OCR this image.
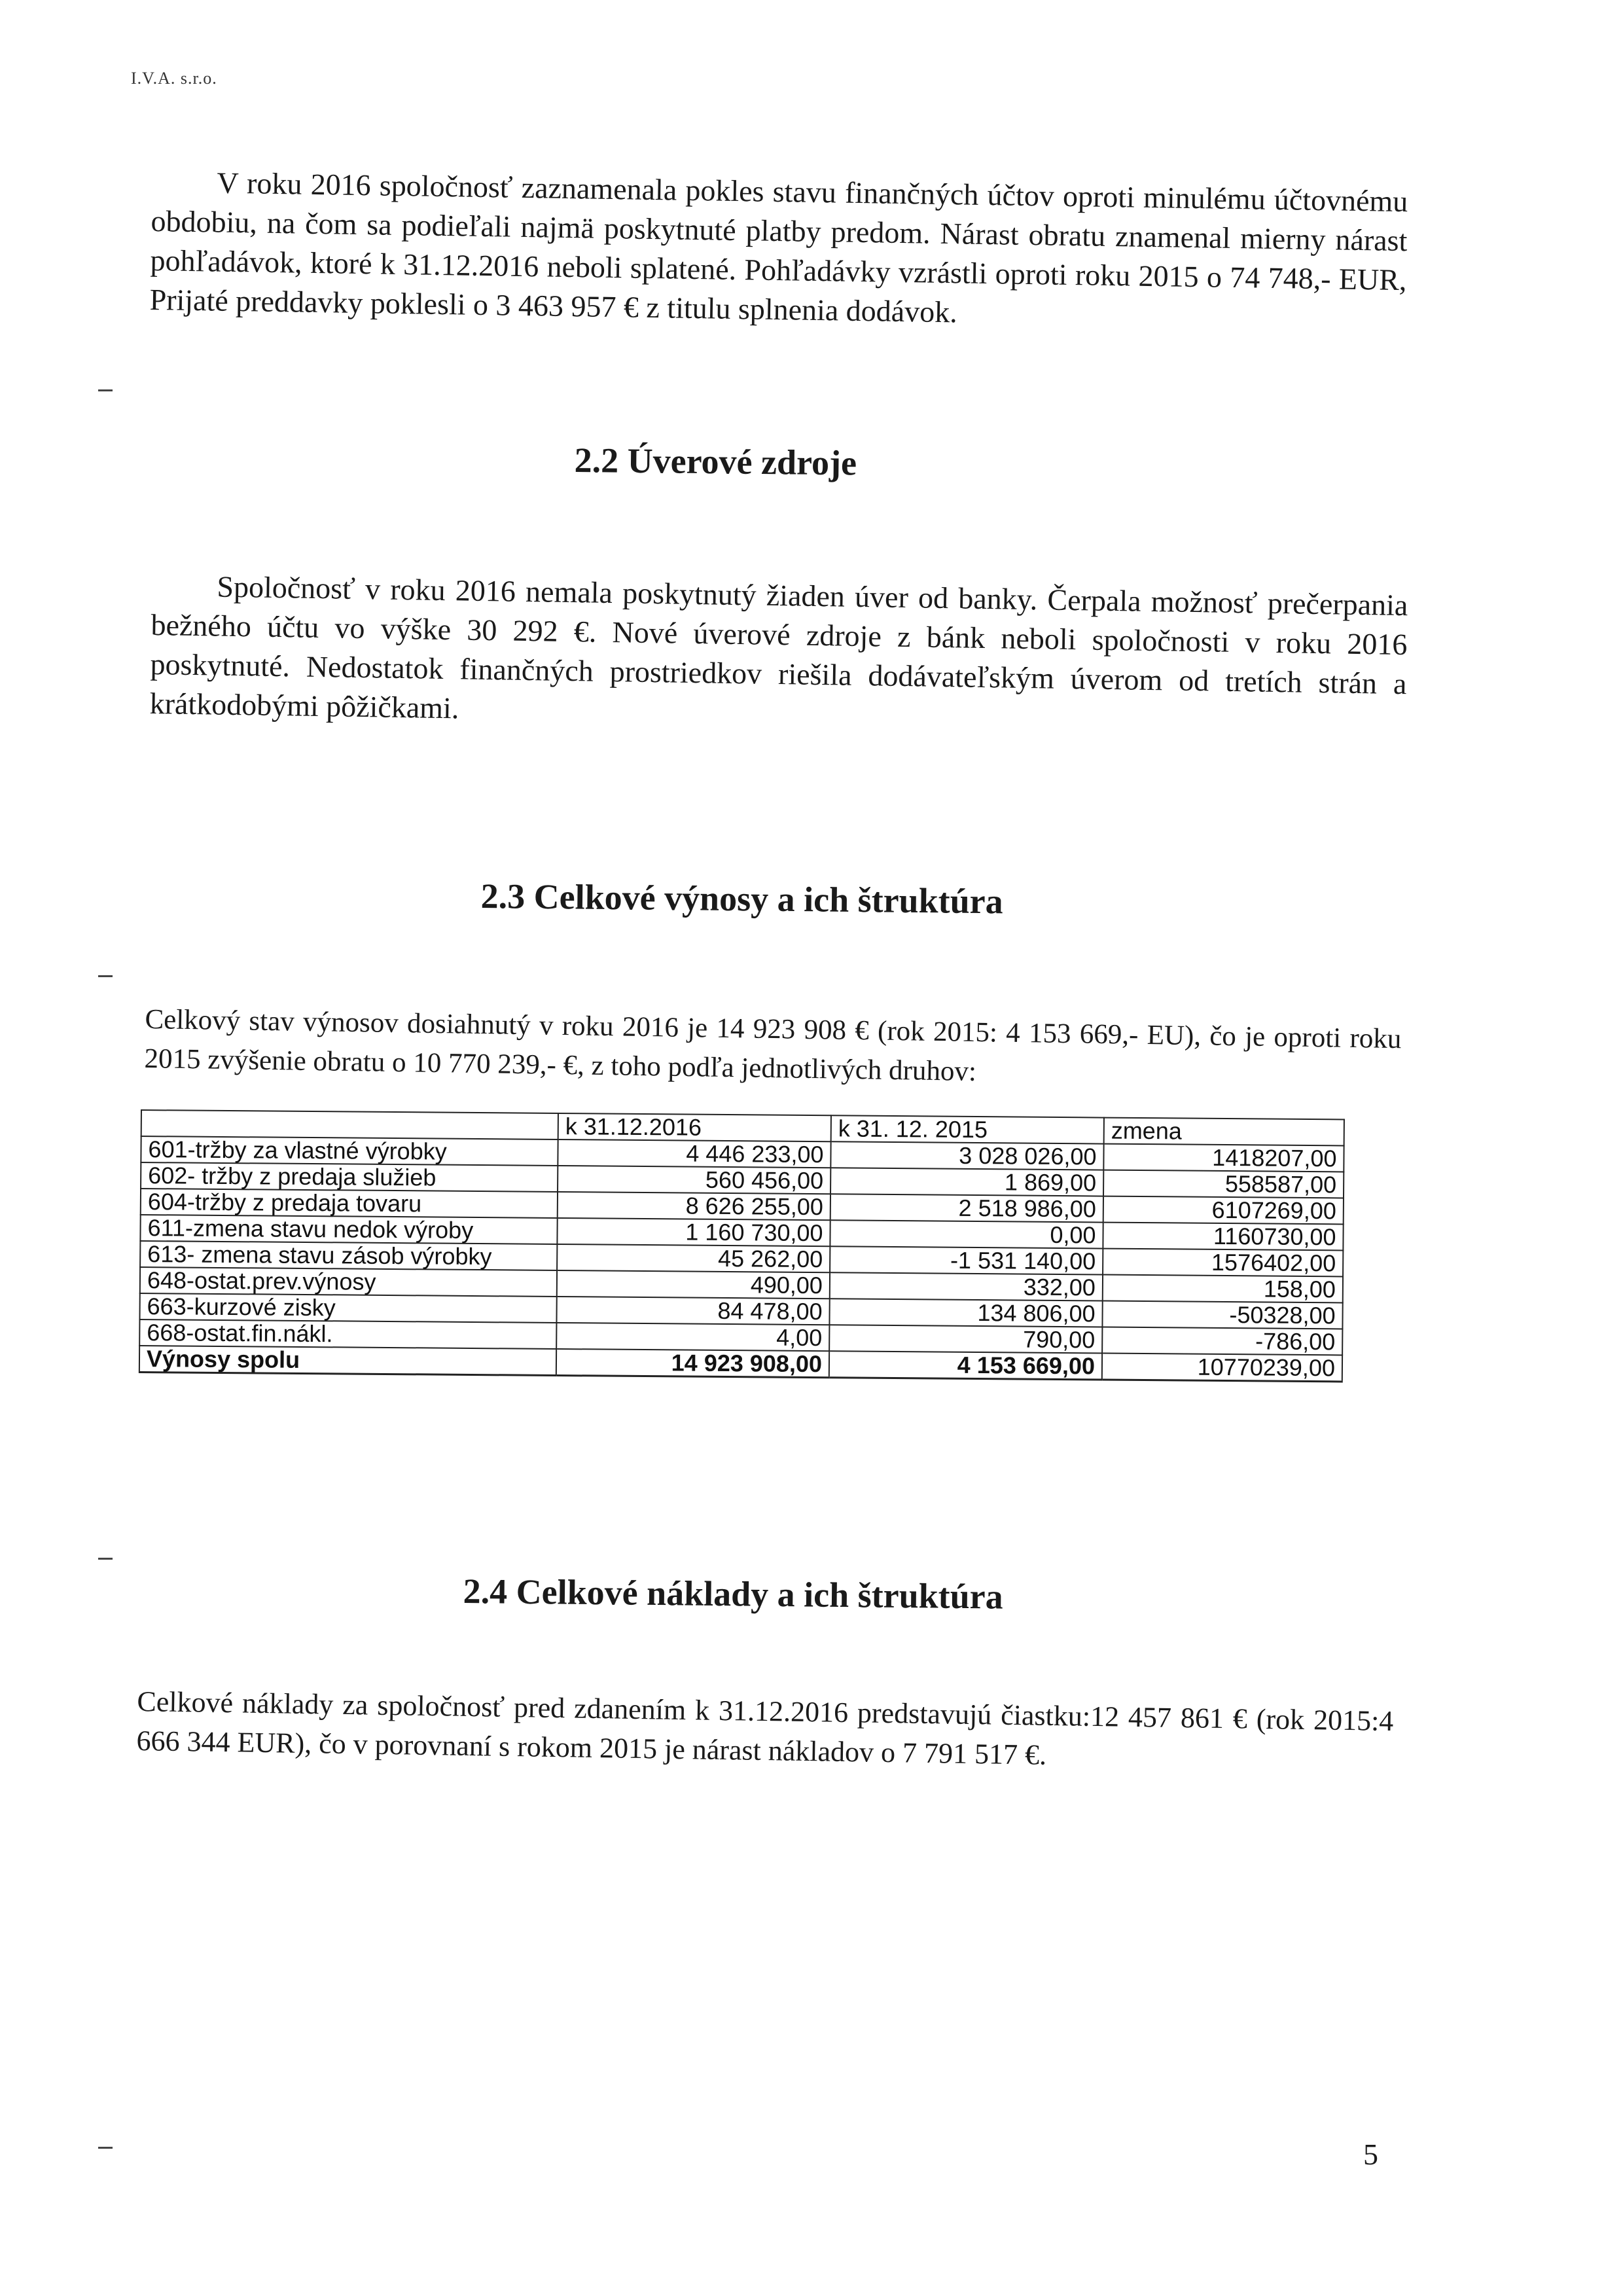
I.V.A. s.r.o.
V roku 2016 spoločnosť zaznamenala pokles stavu finančných účtov oproti minulému účtovnému obdobiu, na čom sa podieľali najmä poskytnuté platby predom. Nárast obratu znamenal mierny nárast pohľadávok, ktoré k 31.12.2016 neboli splatené. Pohľadávky vzrástli oproti roku 2015 o 74 748,- EUR, Prijaté preddavky poklesli o 3 463 957 € z titulu splnenia dodávok.
2.2 Úverové zdroje
Spoločnosť v roku 2016 nemala poskytnutý žiaden úver od banky. Čerpala možnosť prečerpania bežného účtu vo výške 30 292 €. Nové úverové zdroje z bánk neboli spoločnosti v roku 2016 poskytnuté. Nedostatok finančných prostriedkov riešila dodávateľským úverom od tretích strán a krátkodobými pôžičkami.
2.3 Celkové výnosy a ich štruktúra
Celkový stav výnosov dosiahnutý v roku 2016 je 14 923 908 € (rok 2015: 4 153 669,- EU), čo je oproti roku 2015 zvýšenie obratu o 10 770 239,- €, z toho podľa jednotlivých druhov:
	k 31.12.2016	k 31. 12. 2015	zmena
601-tržby za vlastné výrobky	4 446 233,00	3 028 026,00	1418207,00
602- tržby z predaja služieb	560 456,00	1 869,00	558587,00
604-tržby z predaja tovaru	8 626 255,00	2 518 986,00	6107269,00
611-zmena stavu nedok výroby	1 160 730,00	0,00	1160730,00
613- zmena stavu zásob výrobky	45 262,00	-1 531 140,00	1576402,00
648-ostat.prev.výnosy	490,00	332,00	158,00
663-kurzové zisky	84 478,00	134 806,00	-50328,00
668-ostat.fin.nákl.	4,00	790,00	-786,00
Výnosy spolu	14 923 908,00	4 153 669,00	10770239,00
2.4 Celkové náklady a ich štruktúra
Celkové náklady za spoločnosť pred zdanením k 31.12.2016 predstavujú čiastku:12 457 861 € (rok 2015:4 666 344 EUR), čo v porovnaní s rokom 2015 je nárast nákladov o 7 791 517 €.
5
